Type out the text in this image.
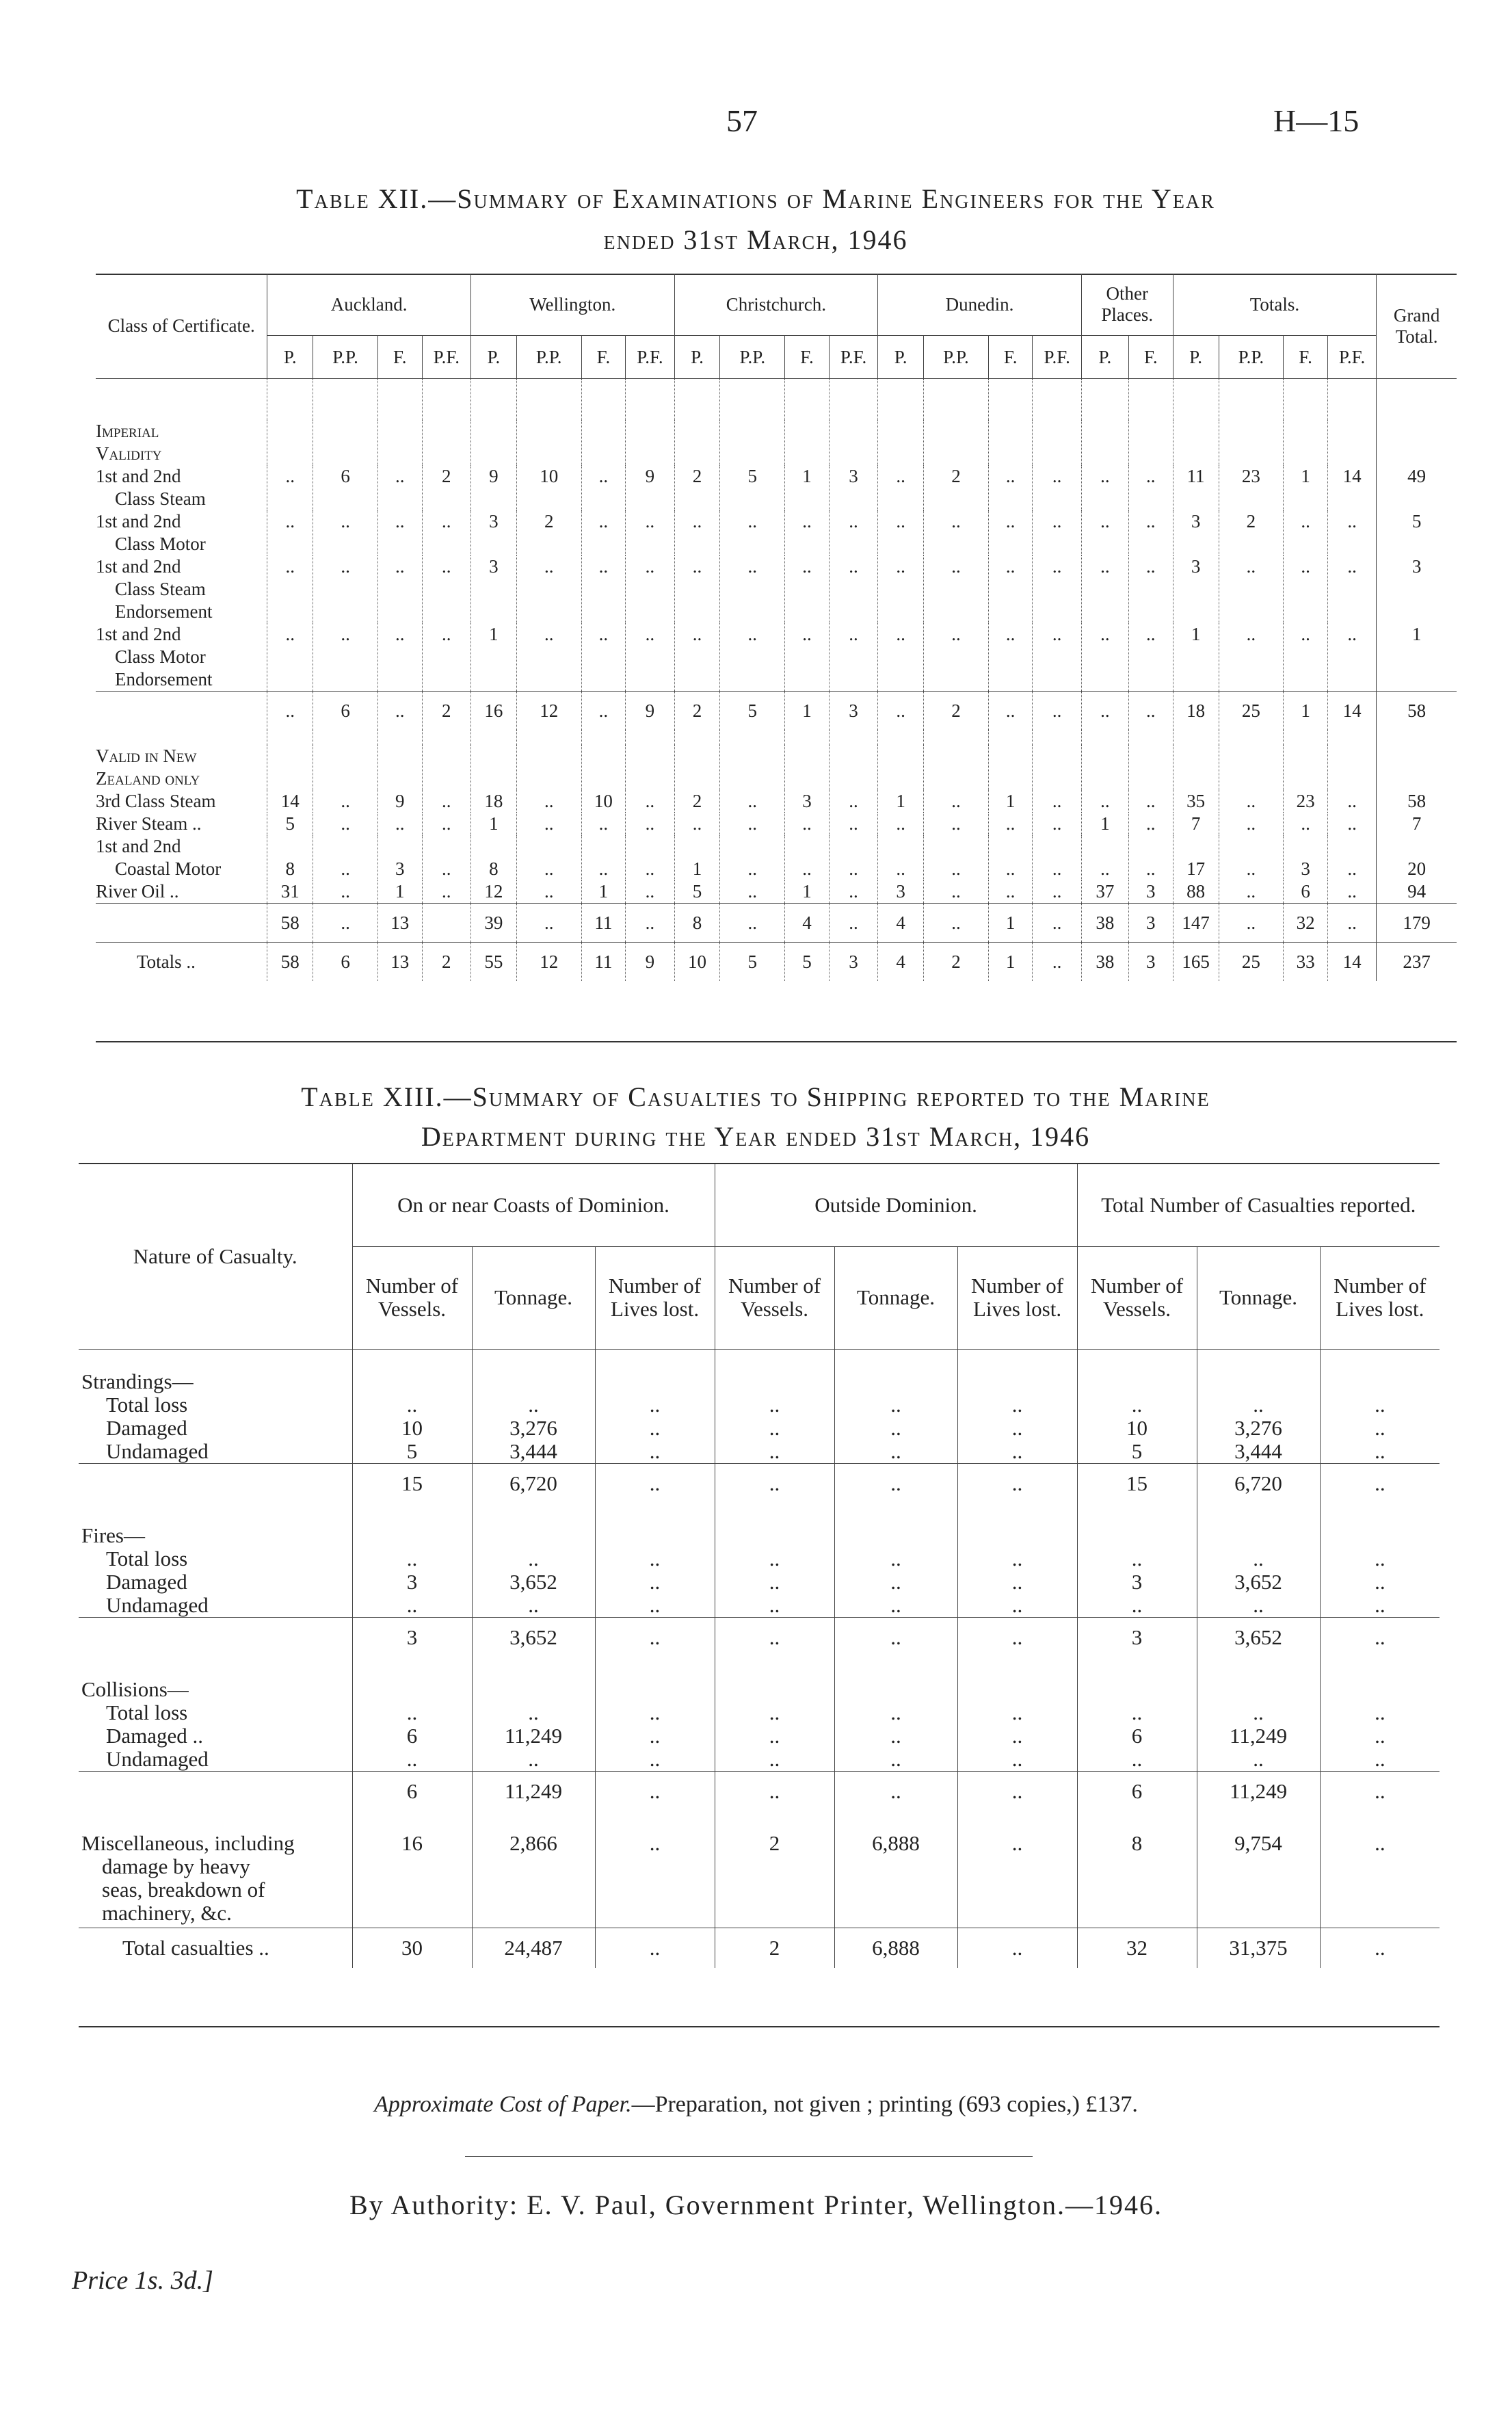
57	H—15
Table XII.—Summary of Examinations of Marine Engineers for the Year
ended 31st March, 1946
Class of Certificate.	Auckland.				Wellington.				Christchurch.				Dunedin.				Other Places.		Totals.				Grand Total.
	P.	P.P.	F.	P.F.	P.	P.P.	F.	P.F.	P.	P.P.	F.	P.F.	P.	P.P.	F.	P.F.	P.	F.	P.	P.P.	F.	P.F.	

Imperial
Validity																							

1st and 2nd
Class Steam	..	6	..	2	9	10	..	9	2	5	1	3	..	2	..	..	..	..	11	23	1	14	49

1st and 2nd
Class Motor	..	..	..	..	3	2	..	..	..	..	..	..	..	..	..	..	..	..	3	2	..	..	5

1st and 2nd
Class Steam
Endorsement	..	..	..	..	3	..	..	..	..	..	..	..	..	..	..	..	..	..	3	..	..	..	3

1st and 2nd
Class Motor
Endorsement	..	..	..	..	1	..	..	..	..	..	..	..	..	..	..	..	..	..	1	..	..	..	1
	..	6	..	2	16	12	..	9	2	5	1	3	..	2	..	..	..	..	18	25	1	14	58

Valid in New
Zealand only																							

3rd Class Steam	14	..	9	..	18	..	10	..	2	..	3	..	1	..	1	..	..	..	35	..	23	..	58

River Steam ..	5	..	..	..	1	..	..	..	..	..	..	..	..	..	..	..	1	..	7	..	..	..	7

1st and 2nd
Coastal Motor	8	..	3	..	8	..	..	..	1	..	..	..	..	..	..	..	..	..	17	..	3	..	20

River Oil ..	31	..	1	..	12	..	1	..	5	..	1	..	3	..	..	..	37	3	88	..	6	..	94
	58	..	13		39	..	11	..	8	..	4	..	4	..	1	..	38	3	147	..	32	..	179
Totals ..	58	6	13	2	55	12	11	9	10	5	5	3	4	2	1	..	38	3	165	25	33	14	237
Table XIII.—Summary of Casualties to Shipping reported to the Marine
Department during the Year ended 31st March, 1946
Nature of Casualty.	On or near Coasts of Dominion.			Outside Dominion.			Total Number of Casualties reported.		
	Number of Vessels.	Tonnage.	Number of Lives lost.	Number of Vessels.	Tonnage.	Number of Lives lost.	Number of Vessels.	Tonnage.	Number of Lives lost.

Strandings—									
Total loss	..	..	..	..	..	..	..	..	..
Damaged	10	3,276	..	..	..	..	10	3,276	..
Undamaged	5	3,444	..	..	..	..	5	3,444	..
	15	6,720	..	..	..	..	15	6,720	..

Fires—									
Total loss	..	..	..	..	..	..	..	..	..
Damaged	3	3,652	..	..	..	..	3	3,652	..
Undamaged	..	..	..	..	..	..	..	..	..
	3	3,652	..	..	..	..	3	3,652	..

Collisions—									
Total loss	..	..	..	..	..	..	..	..	..
Damaged ..	6	11,249	..	..	..	..	6	11,249	..
Undamaged	..	..	..	..	..	..	..	..	..
	6	11,249	..	..	..	..	6	11,249	..

Miscellaneous, including
damage by heavy
seas, breakdown of
machinery, &c.	16	2,866	..	2	6,888	..	8	9,754	..
Total casualties ..	30	24,487	..	2	6,888	..	32	31,375	..
Approximate Cost of Paper.—Preparation, not given ; printing (693 copies,) £137.
By Authority: E. V. Paul, Government Printer, Wellington.—1946.
Price 1s. 3d.]
